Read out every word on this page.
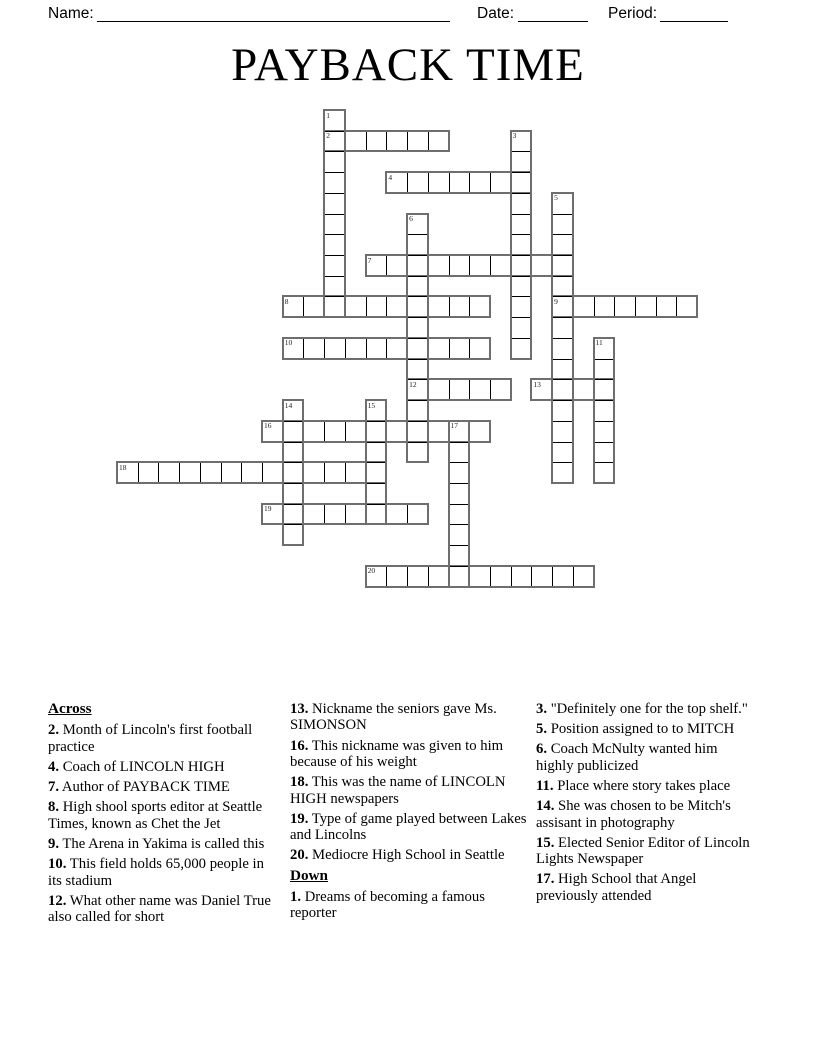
Name:	Date:	Period:
PAYBACK TIME
2
4
7
8	9
10
12	13
16
18
19
20
1
3
5
6
11
14	15
17

Across

2. Month of Lincoln's first football practice

4. Coach of LINCOLN HIGH

7. Author of PAYBACK TIME

8. High shool sports editor at Seattle Times, known as Chet the Jet

9. The Arena in Yakima is called this

10. This field holds 65,000 people in its stadium

12. What other name was Daniel True also called for short

13. Nickname the seniors gave Ms. SIMONSON

16. This nickname was given to him because of his weight

18. This was the name of LINCOLN HIGH newspapers

19. Type of game played between Lakes and Lincolns

20. Mediocre High School in Seattle

Down

1. Dreams of becoming a famous reporter

3. "Definitely one for the top shelf."

5. Position assigned to to MITCH

6. Coach McNulty wanted him highly publicized

11. Place where story takes place

14. She was chosen to be Mitch's assisant in photography

15. Elected Senior Editor of Lincoln Lights Newspaper

17. High School that Angel previously attended
